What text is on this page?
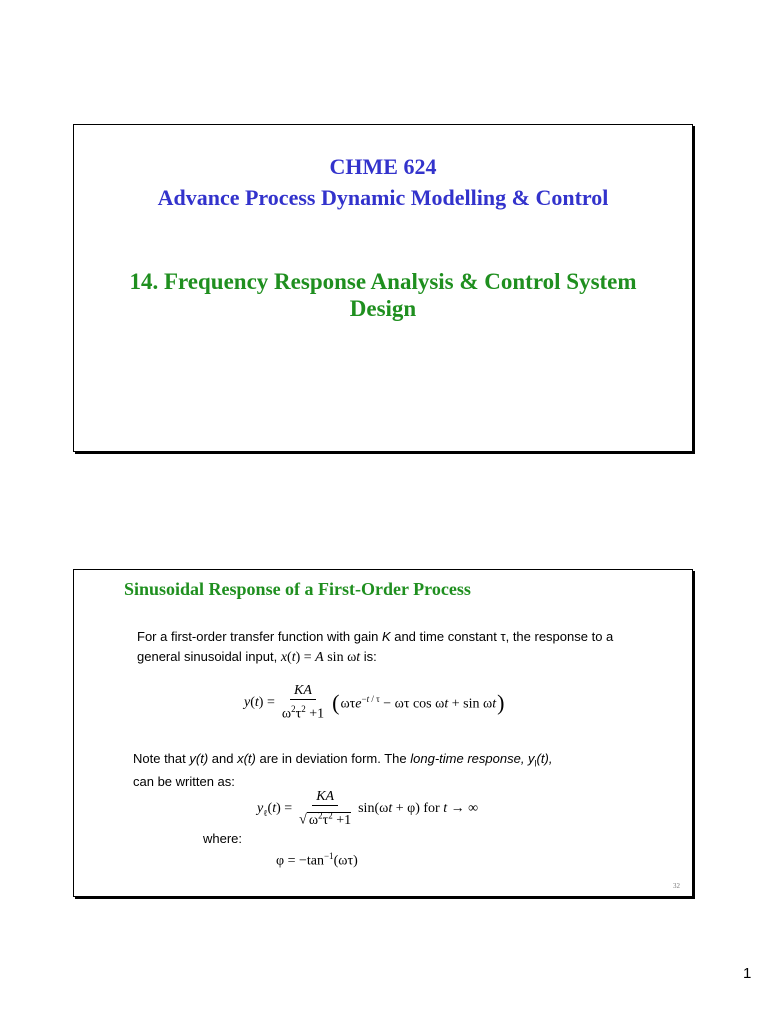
CHME 624
Advance Process Dynamic Modelling & Control
14. Frequency Response Analysis & Control System Design
Sinusoidal Response of a First-Order Process
For a first-order transfer function with gain K and time constant τ, the response to a
general sinusoidal input, x(t) = A sin ωt is:
$y(t) = \frac{KA}{\omega^2\tau^2 +1}$ ( ωτe$^{-t / \tau}$ − ωτ cos ωt + sin ωt )
Note that y(t) and x(t) are in deviation form. The long-time response, $y_l(t)$,
can be written as:
$y_\ell(t) = \frac{KA}{√ \omega^2\tau^2 +1} \sin(\omega t + \varphi)$ for t → ∞
where:
$\varphi = -\tan^{-1}(\omega\tau)$
32
1
